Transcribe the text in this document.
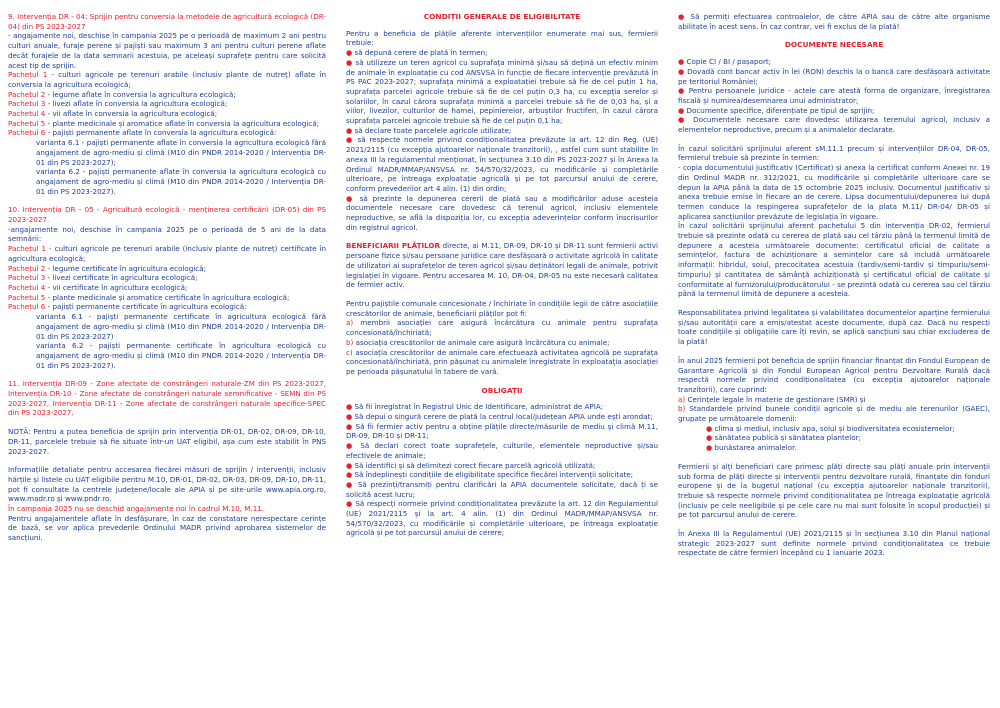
9. Intervenția DR - 04: Sprijin pentru conversia la metodele de agricultură ecologică (DR-04) din PS 2023-2027
- angajamente noi, deschise în campania 2025 pe o perioadă de maximum 2 ani pentru culturi anuale, furaje perene și pajiști sau maximum 3 ani pentru culturi perene aflate decât furajele de la data semnarii acestuia, pe aceleași suprafețe pentru care solicită acest tip de sprijin.
Pachetul 1 - culturi agricole pe terenuri arabile (inclusiv plante de nutreț) aflate în conversia la agricultura ecologică;
Pachetul 2 - legume aflate în conversia la agricultura ecologică;
Pachetul 3 - livezi aflate în conversia la agricultura ecologică;
Pachetul 4 - vii aflate în conversia la agricultura ecologică;
Pachetul 5 - plante medicinale și aromatice aflate în conversia la agricultura ecologică;
Pachetul 6 - pajiști permanente aflate în conversia la agricultura ecologică:
varianta 6.1 - pajiști permanente aflate în conversia la agricultura ecologică fără angajament de agro-mediu și climă (M10 din PNDR 2014-2020 / Intervenția DR-01 din PS 2023-2027);
varianta 6.2 - pajiști permanente aflate în conversia la agricultura ecologică cu angajament de agro-mediu și climă (M10 din PNDR 2014-2020 / Intervenția DR-01 din PS 2023-2027).

10. Intervenția DR - 05 - Agricultură ecologică - menținerea certificării (DR-05) din PS 2023-2027.
-angajamente noi, deschise în campania 2025 pe o perioadă de 5 ani de la data semnării:
Pachetul 1 - culturi agricole pe terenuri arabile (inclusiv plante de nutreț) certificate în agricultura ecologică;
Pachetul 2 - legume certificate în agricultura ecologică;
Pachetul 3 - livezi certificate în agricultura ecologică;
Pachetul 4 - vii certificate în agricultura ecologică;
Pachetul 5 - plante medicinale și aromatice certificate în agricultura ecologică;
Pachetul 6 - pajiști permanente certificate în agricultura ecologică:
varianta 6.1 - pajiști permanente certificate în agricultura ecologică fără angajament de agro-mediu și climă (M10 din PNDR 2014-2020 / Intervenția DR-01 din PS 2023-2027)
varianta 6.2 - pajiști permanente certificate în agricultura ecologică cu angajament de agro-mediu și climă (M10 din PNDR 2014-2020 / Intervenția DR-01 din PS 2023-2027).

11. Intervenția DR-09 - Zone afectate de constrângeri naturale-ZM din PS 2023-2027, Intervenția DR-10 - Zone afectate de constrângeri naturale semnificative - SEMN din PS 2023-2027, Intervenția DR-11 - Zone afectate de constrângeri naturale specifice-SPEC din PS 2023-2027.

NOTĂ: Pentru a putea beneficia de sprijin prin intervenția DR-01, DR-02, DR-09, DR-10, DR-11, parcelele trebuie să fie situate într-un UAT eligibil, așa cum este stabilit în PNS 2023-2027.

Informațiile detaliate pentru accesarea fiecărei măsuri de sprijin / intervenții, inclusiv hărțile și listele cu UAT eligibile pentru M.10, DR-01, DR-02, DR-03, DR-09, DR-10, DR-11, pot fi consultate la centrele județene/locale ale APIA și pe site-urile www.apia.org.ro, www.madr.ro și www.pndr.ro.

În campania 2025 nu se deschid angajamente noi în cadrul M.10, M.11.

Pentru angajamentele aflate în desfășurare, în caz de constatare nerespectare cerințe de bază, se vor aplica prevederile Ordinului MADR privind aprobarea sistemelor de sancțiuni.

CONDIȚII GENERALE DE ELIGIBILITATE

Pentru a beneficia de plățile aferente intervențiilor enumerate mai sus, fermierii trebuie:

● să depună cerere de plată în termen;
● să utilizeze un teren agricol cu suprafața minimă și/sau să dețină un efectiv minim de animale în exploatație cu cod ANSVSA în funcție de fiecare intervenție prevăzută în PS PAC 2023-2027; suprafața minimă a exploatației trebuie să fie de cel puțin 1 ha, suprafața parcelei agricole trebuie să fie de cel puțin 0,3 ha, cu excepția serelor și solariilor, în cazul cărora suprafața minimă a parcelei trebuie să fie de 0,03 ha, și a viilor, livezilor, culturilor de hamei, pepinierelor, arbuștilor fructiferi, în cazul cărora suprafața parcelei agricole trebuie să fie de cel puțin 0,1 ha;
● să declare toate parcelele agricole utilizate;
● să respecte normele privind condiționalitatea prevăzute la art. 12 din Reg. (UE) 2021/2115 (cu excepția ajutoarelor naționale tranzitorii), , astfel cum sunt stabilite în anexa III la regulamentul menționat, în secțiunea 3.10 din PS 2023-2027 și în Anexa la Ordinul MADR/MMAP/ANSVSA nr. 54/570/32/2023, cu modificările și completările ulterioare, pe întreaga exploatație agricolă și pe tot parcursul anului de cerere, conform prevederilor art 4 alin. (1) din ordin;
● să prezinte la depunerea cererii de plată sau a modificărilor aduse acesteia documentele necesare care dovedesc că terenul agricol, inclusiv elementele neproductive, se află la dispoziția lor, cu excepția adeverințelor conform înscrisurilor din registrul agricol.

BENEFICIARII PLĂȚILOR directe, ai M.11, DR-09, DR-10 și DR-11 sunt fermierii activi persoane fizice și/sau persoane juridice care desfășoară o activitate agricolă în calitate de utilizatori ai suprafețelor de teren agricol și/sau deținători legali de animale, potrivit legislației în vigoare. Pentru accesarea M. 10, DR-04, DR-05 nu este necesară calitatea de fermier activ.

Pentru pajiștile comunale concesionate / închiriate în condițiile legii de către asociațiile crescătorilor de animale, beneficiarii plăților pot fi:
a) membrii asociației care asigură încărcătura cu animale pentru suprafața concesionată/închiriată;
b) asociația crescătorilor de animale care asigură încărcătura cu animale;
c) asociația crescătorilor de animale care efectuează activitatea agricolă pe suprafața concesionată/închiriată, prin pășunat cu animalele înregistrate în exploatația asociației pe perioada pășunatului în tabere de vară.

OBLIGAȚII

● Să fii înregistrat în Registrul Unic de Identificare, administrat de APIA;
● Să depui o singură cerere de plată la centrul local/județean APIA unde ești arondat;
● Să fii fermier activ pentru a obține plățile directe/măsurile de mediu și climă M.11, DR-09, DR-10 și DR-11;
● Să declari corect toate suprafețele, culturile, elementele neproductive și/sau efectivele de animale;
● Să identifici și să delimitezi corect fiecare parcelă agricolă utilizată;
● Să îndeplinești condițiile de eligibilitate specifice fiecărei intervenții solicitate;
● Să prezinți/transmiți pentru clarificări la APIA documentele solicitate, dacă ți se solicită acest lucru;
● Să respecți normele privind condiționalitatea prevăzute la art. 12 din Regulamentul (UE) 2021/2115 și la art. 4 alin. (1) din Ordinul MADR/MMAP/ANSVSA nr. 54/570/32/2023, cu modificările și completările ulterioare, pe întreaga exploatație agricolă și pe tot parcursul anului de cerere;

● Să permiți efectuarea controalelor, de către APIA sau de către alte organisme abilitate în acest sens. În caz contrar, vei fi exclus de la plată!

DOCUMENTE NECESARE

● Copie CI / BI / pașaport;
● Dovadă cont bancar activ în lei (RON) deschis la o bancă care desfășoară activitate pe teritoriul României;
● Pentru persoanele juridice - actele care atestă forma de organizare, înregistrarea fiscală și numirea/desemnarea unui administrator;
● Documente specifice, diferențiate pe tipul de sprijin;
● Documentele necesare care dovedesc utilizarea terenului agricol, inclusiv a elementelor neproductive, precum și a animalelor declarate.

În cazul solicitării sprijinului aferent sM.11.1 precum și intervențiilor DR-04, DR-05, fermierul trebuie să prezinte în termen:
- copia documentului justificativ (Certificat) și anexa la certificat conform Anexei nr. 19 din Ordinul MADR nr. 312/2021, cu modificările și completările ulterioare care se depun la APIA până la data de 15 octombrie 2025 inclusiv. Documentul justificativ și anexa trebuie emise în fiecare an de cerere. Lipsa documentului/depunerea lui după termen conduce la respingerea suprafețelor de la plata M.11/ DR-04/ DR-05 și aplicarea sancțiunilor prevăzute de legislația în vigoare.
În cazul solicitării sprijinului aferent pachetului 5 din intervenția DR-02, fermierul trebuie să prezinte odată cu cererea de plată sau cel târziu până la termenul limită de depunere a acesteia următoarele documente: certificatul oficial de calitate a semințelor, factura de achiziționare a semințelor care să includă următoarele informații: hibridul, soiul, precocitatea acestuia (tardiv/semi-tardiv și timpuriu/semi-timpuriu) și cantitatea de sămânță achiziționată și certificatul oficial de calitate și conformitate al furnizorului/producătorului - se prezintă odată cu cererea sau cel târziu până la termenul limită de depunere a acesteia.

Responsabilitatea privind legalitatea și valabilitatea documentelor aparține fermierului și/sau autorității care a emis/atestat aceste documente, după caz. Dacă nu respecți toate condițiile și obligațiile care îți revin, se aplică sancțiuni sau chiar excluderea de la plată!

În anul 2025 fermierii pot beneficia de sprijin financiar finanțat din Fondul European de Garantare Agricolă și din Fondul European Agricol pentru Dezvoltare Rurală dacă respectă normele privind condiționalitatea (cu excepția ajutoarelor naționale tranzitorii), care cuprind:
a) Cerințele legale în materie de gestionare (SMR) și
b) Standardele privind bunele condiții agricole și de mediu ale terenurilor (GAEC), grupate pe următoarele domenii:
● clima și mediul, inclusiv apa, solul și biodiversitatea ecosistemelor;
● sănătatea publică și sănătatea plantelor;
● bunăstarea animalelor.

Fermierii și alți beneficiari care primesc plăți directe sau plăți anuale prin intervenții sub forma de plăți directe și intervenții pentru dezvoltare rurală, finanțate din fonduri europene și de la bugetul național (cu excepția ajutoarelor naționale tranzitorii), trebuie să respecte normele privind condiționalitatea pe întreaga exploatație agricolă (inclusiv pe cele neeligibile și pe cele care nu mai sunt folosite în scopul producției) și pe tot parcursul anului de cerere.

În Anexa III la Regulamentul (UE) 2021/2115 și în secțiunea 3.10 din Planul național strategic 2023-2027 sunt definite normele privind condiționalitatea ce trebuie respectate de către fermieri începând cu 1 ianuarie 2023.
